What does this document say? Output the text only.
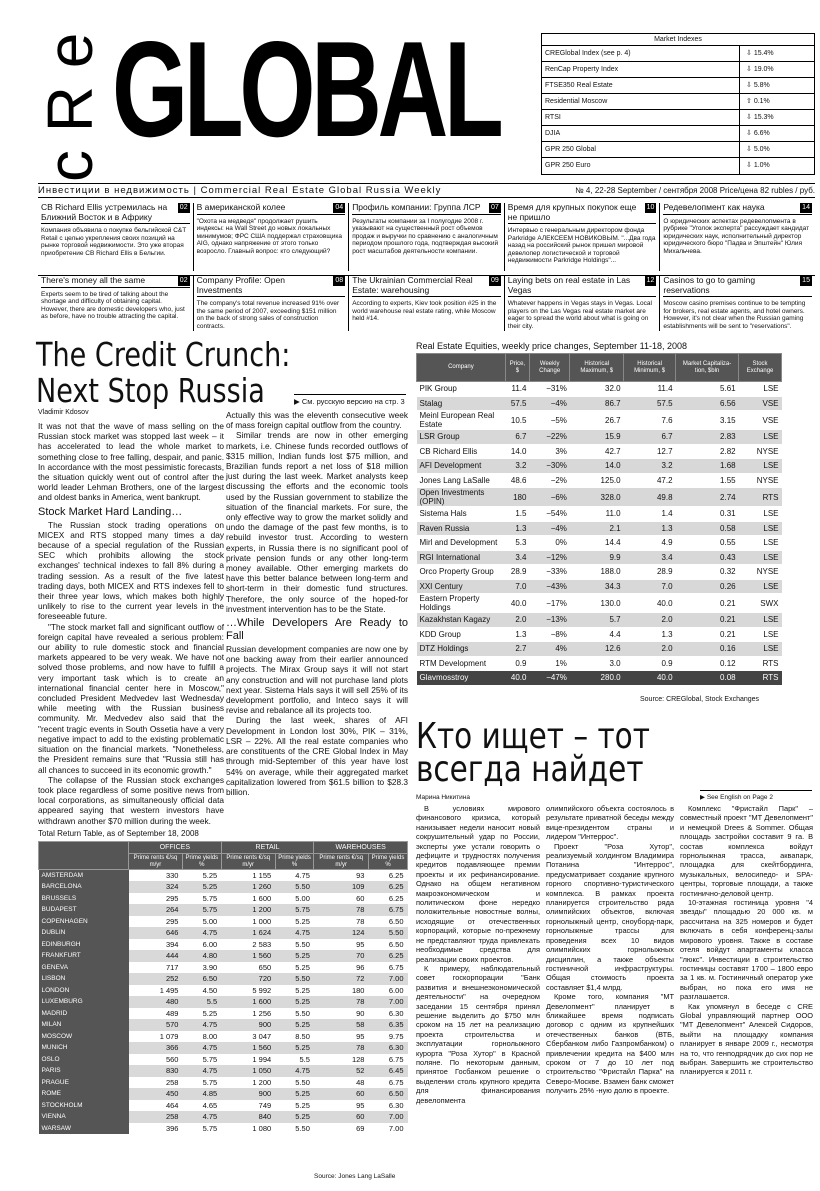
c R e GLOBAL	Market Indexes
CREGlobal Index (see p. 4)	⇩ 15.4%
RenCap Property Index	⇩ 19.0%
FTSE350 Real Estate	⇩ 5.8%
Residential Moscow	⇧ 0.1%
RTSI	⇩ 15.3%
DJIA	⇩ 6.6%
GPR 250 Global	⇩ 5.0%
GPR 250 Euro	⇩ 1.0%
Инвестиции в недвижимость | Commercial Real Estate Global Russia Weekly	№ 4, 22-28 September / сентября 2008 Price/цена 82 rubles / руб.
CB Richard Ellis устремилась на Ближний Восток и в Африку
02
Компания объявила о покупке бельгийской C&T Retail с целью укрепления своих позиций на рынке торговой недвижимости. Это уже вторая приобретение CB Richard Ellis в Бельгии.
В американской колее	04
"Охота на медведя" продолжает рушить индексы: на Wall Street до новых локальных минимумов; ФРС США поддержал страховщика AIG, однако напряжение от этого только возросло. Главный вопрос: кто следующий?
Профиль компании: Группа ЛСР 07
Результаты компании за I полугодие 2008 г. указывают на существенный рост объемов продаж и выручки по сравнению с аналогичным периодом прошлого года, подтверждая высокий рост масштабов деятельности компании.
Время для крупных покупок еще не пришло
10
Интервью с генеральным директором фонда Parkridge АЛЕКСЕЕМ НОВИКОВЫМ. "...Два года назад на российский рынок пришел мировой девелопер логистической и торговой недвижимости Parkridge Holdings"...
Редевелопмент как наука	14
О юридических аспектах редевелопмента в рубрике "Уголок эксперта" рассуждает кандидат юридических наук, исполнительный директор юридического бюро "Падва и Эпштейн" Юлия Михальчева.
There's money all the same	02
Experts seem to be tired of talking about the shortage and difficulty of obtaining capital. However, there are domestic developers who, just as before, have no trouble attracting the capital.
Company Profile: Open Investments
08
The company's total revenue increased 91% over the same period of 2007, exceeding $151 million on the back of strong sales of construction contracts.
The Ukrainian Commercial Real Estate: warehousing
09
According to experts, Kiev took position #25 in the world warehouse real estate rating, while Moscow held #14.
Laying bets on real estate in Las Vegas
12
Whatever happens in Vegas stays in Vegas. Local players on the Las Vegas real estate market are eager to spread the world about what is going on their city.
Casinos to go to gaming reservations
15
Moscow casino premises continue to be tempting for brokers, real estate agents, and hotel owners. However, it's not clear when the Russian gaming establishments will be sent to "reservations".
The Credit Crunch:
Next Stop Russia	▶ См. русскую версию на стр. 3
Vladimir Kdosov

It was not that the wave of mass selling on the Russian stock market was stopped last week – it has accelerated to lead the whole market to something close to free falling, despair, and panic. In accordance with the most pessimistic forecasts, the situation quickly went out of control after the world leader Lehman Brothers, one of the largest and oldest banks in America, went bankrupt.

Stock Market Hard Landing…

The Russian stock trading operations on MICEX and RTS stopped many times a day because of a special regulation of the Russian SEC which prohibits allowing the stock exchanges' technical indexes to fall 8% during a trading session. As a result of the five latest trading days, both MICEX and RTS indexes fell to their three year lows, which makes both highly unlikely to rise to the current year levels in the foreseeable future.

"The stock market fall and significant outflow of foreign capital have revealed a serious problem: our ability to rule domestic stock and financial markets appeared to be very weak. We have not solved those problems, and now have to fulfill a very important task which is to create an international financial center here in Moscow," concluded President Medvedev last Wednesday while meeting with the Russian business community. Mr. Medvedev also said that the "recent tragic events in South Ossetia have a very negative impact to add to the existing problematic situation on the financial markets. "Nonetheless, the President remains sure that "Russia still has all chances to succeed in its economic growth."

The collapse of the Russian stock exchanges took place regardless of some positive news from local corporations, as simultaneously official data appeared saying that western investors have withdrawn another $70 million during the week.

Actually this was the eleventh consecutive week of mass foreign capital outflow from the country.

Similar trends are now in other emerging markets, i.e. Chinese funds recorded outflows of $315 million, Indian funds lost $75 million, and Brazilian funds report a net loss of $18 million just during the last week. Market analysts keep discussing the efforts and the economic tools used by the Russian government to stabilize the situation of the financial markets. For sure, the only effective way to grow the market solidly and undo the damage of the past few months, is to rebuild investor trust. According to western experts, in Russia there is no significant pool of private pension funds or any other long-term money available. Other emerging markets do have this better balance between long-term and short-term in their domestic fund structures. Therefore, the only source of the hoped-for investment intervention has to be the State.

…While Developers Are Ready to Fall

Russian development companies are now one by one backing away from their earlier announced projects. The Mirax Group says it will not start any construction and will not purchase land plots next year. Sistema Hals says it will sell 25% of its development portfolio, and Inteco says it will revise and rebalance all its projects too.

During the last week, shares of AFI Development in London lost 30%, PIK – 31%, LSR – 22%. All the real estate companies who are constituents of the CRE Global Index in May through mid-September of this year have lost 54% on average, while their aggregated market capitalization lowered from $61.5 billion to $28.3 billion.

Real Estate Equities, weekly price changes, September 11-18, 2008
Company	Price, $	Weekly Change	Historical Maximum, $	Historical Minimum, $	Market Capitaliza-tion, $bln	Stock Exchange
PIK Group	11.4	−31%	32.0	11.4	5.61	LSE
Stalag	57.5	−4%	86.7	57.5	6.56	VSE
Meinl European Real Estate	10.5	−5%	26.7	7.6	3.15	VSE
LSR Group	6.7	−22%	15.9	6.7	2.83	LSE
CB Richard Ellis	14.0	3%	42.7	12.7	2.82	NYSE
AFI Development	3.2	−30%	14.0	3.2	1.68	LSE
Jones Lang LaSalle	48.6	−2%	125.0	47.2	1.55	NYSE
Open Investments (OPIN)	180	−6%	328.0	49.8	2.74	RTS
Sistema Hals	1.5	−54%	11.0	1.4	0.31	LSE
Raven Russia	1.3	−4%	2.1	1.3	0.58	LSE
Mirl and Development	5.3	0%	14.4	4.9	0.55	LSE
RGI International	3.4	−12%	9.9	3.4	0.43	LSE
Orco Property Group	28.9	−33%	188.0	28.9	0.32	NYSE
XXI Century	7.0	−43%	34.3	7.0	0.26	LSE
Eastern Property Holdings	40.0	−17%	130.0	40.0	0.21	SWX
Kazakhstan Kagazy	2.0	−13%	5.7	2.0	0.21	LSE
KDD Group	1.3	−8%	4.4	1.3	0.21	LSE
DTZ Holdings	2.7	4%	12.6	2.0	0.16	LSE
RTM Development	0.9	1%	3.0	0.9	0.12	RTS
Glavmosstroy	40.0	−47%	280.0	40.0	0.08	RTS
Source: CREGlobal, Stock Exchanges
Кто ищет – тот
всегда найдет
Марина Никитина	▶ See English on Page 2

В условиях мирового финансового кризиса, который нанизывает недели наносит новый сокрушительный удар по России, эксперты уже устали говорить о дефиците и трудностях получения кредитов подавляющее премии проекты и их рефинансирование. Однако на общем негативном макроэкономическом и политическом фоне нередко положительные новостные волны, исходящие от отечественных корпораций, которые по-прежнему не представляют труда привлекать необходимые средства для реализации своих проектов.

К примеру, наблюдательный совет госкорпорации "Банк развития и внешнеэкономической деятельности" на очередном заседании 15 сентября принял решение выделить до $750 млн сроком на 15 лет на реализацию проекта строительства и эксплуатации горнолыжного курорта "Роза Хутор" в Красной поляне. По некоторым данным, принятое Госбанком решение о выделении столь крупного кредита для финансирования девелопмента

олимпийского объекта состоялось в результате приватной беседы между вице-президентом страны и лидером "Интеррос".

Проект "Роза Хутор", реализуемый холдингом Владимира Потанина "Интеррос", предусматривает создание крупного горного спортивно-туристического комплекса. В рамках проекта планируется строительство ряда олимпийских объектов, включая горнолыжный центр, сноуборд-парк, горнолыжные трассы для проведения всех 10 видов олимпийских горнолыжных дисциплин, а также объекты гостиничной инфраструктуры. Общая стоимость проекта составляет $1,4 млрд.

Кроме того, компания "МТ Девелопмент" планирует в ближайшее время подписать договор с одним из крупнейших отечественных банков (ВТБ, Сбербанком либо Газпромбанком) о привлечении кредита на $400 млн сроком от 7 до 10 лет под строительство "Фристайл Парка" на Северо-Москве. Взамен банк сможет получить 25% -ную долю в проекте.

Комплекс "Фристайл Парк" – совместный проект "МТ Девелопмент" и немецкой Drees & Sommer. Общая площадь застройки составит 9 га. В состав комплекса войдут горнолыжная трасса, аквапарк, площадка для скейтбординга, музыкальных, велосипедо- и SPA-центры, торговые площади, а также гостинично-деловой центр.

10-этажная гостиница уровня "4 звезды" площадью 20 000 кв. м рассчитана на 325 номеров и будет включать в себя конференц-залы мирового уровня. Также в составе отеля войдут апартаменты класса "люкс". Инвестиции в строительство гостиницы составят 1700 – 1800 евро за 1 кв. м. Гостиничный оператор уже выбран, но пока его имя не разглашается.

Как упомянул в беседе с CRE Global управляющий партнер ООО "МТ Девелопмент" Алексей Сидоров, выйти на площадку компания планирует в январе 2009 г., несмотря на то, что генподрядчик до сих пор не выбран. Завершить же строительство планируется к 2011 г.

Total Return Table, as of September 18, 2008
	OFFICES		RETAIL		WAREHOUSES	
	Prime rents €/sq m/yr	Prime yields %	Prime rents €/sq m/yr	Prime yields %	Prime rents €/sq m/yr	Prime yields %
AMSTERDAM	330	5.25	1 155	4.75	93	6.25
BARCELONA	324	5.25	1 260	5.50	109	6.25
BRUSSELS	295	5.75	1 600	5.00	60	6.25
BUDAPEST	264	5.75	1 200	5.75	78	6.75
COPENHAGEN	295	5.00	1 000	5.25	78	6.50
DUBLIN	646	4.75	1 624	4.75	124	5.50
EDINBURGH	394	6.00	2 583	5.50	95	6.50
FRANKFURT	444	4.80	1 560	5.25	70	6.25
GENEVA	717	3.90	650	5.25	96	6.75
LISBON	252	6.50	720	5.50	72	7.00
LONDON	1 495	4.50	5 992	5.25	180	6.00
LUXEMBURG	480	5.5	1 600	5.25	78	7.00
MADRID	489	5.25	1 256	5.50	90	6.30
MILAN	570	4.75	900	5.25	58	6.35
MOSCOW	1 079	8.00	3 047	8.50	95	9.75
MUNICH	366	4.75	1 560	5.25	78	6.30
OSLO	560	5.75	1 994	5.5	128	6.75
PARIS	830	4.75	1 050	4.75	52	6.45
PRAGUE	258	5.75	1 200	5.50	48	6.75
ROME	450	4.85	900	5.25	60	6.50
STOCKHOLM	464	4.65	749	5.25	95	6.30
VIENNA	258	4.75	840	5.25	60	7.00
WARSAW	396	5.75	1 080	5.50	69	7.00
Source: Jones Lang LaSalle
